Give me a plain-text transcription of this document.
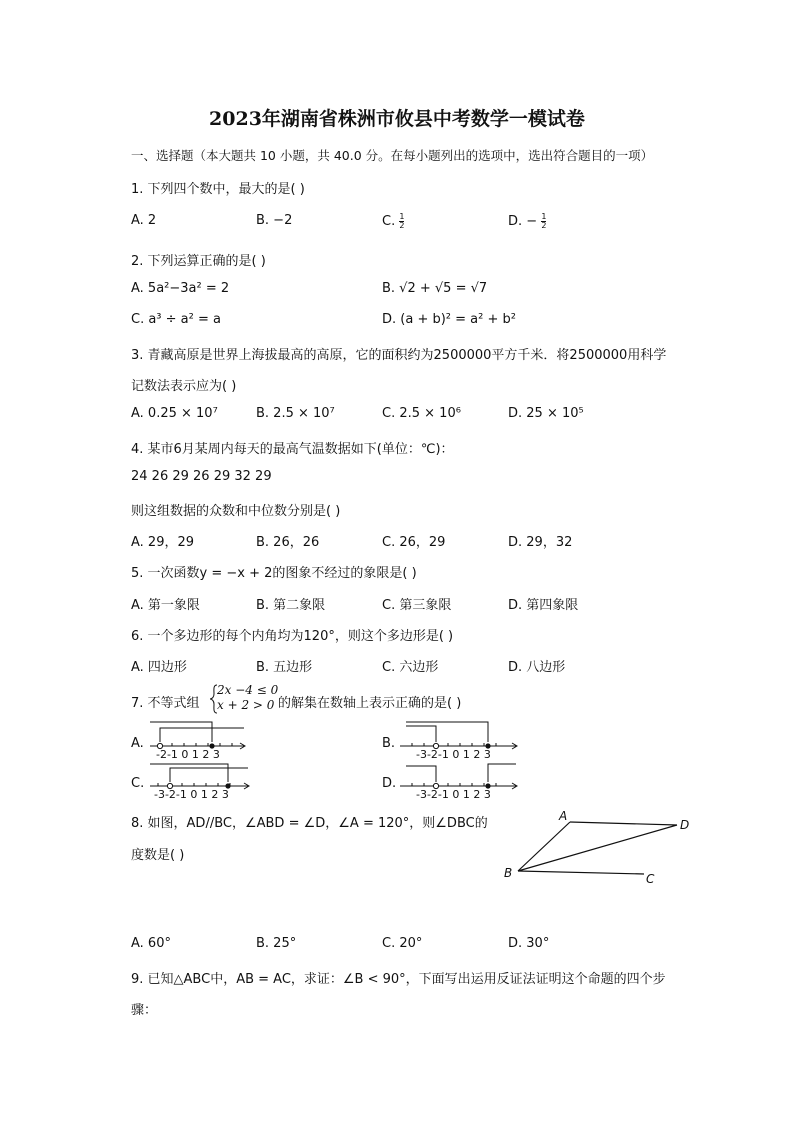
2023年湖南省株洲市攸县中考数学一模试卷
一、选择题（本大题共 10 小题，共 40.0 分。在每小题列出的选项中，选出符合题目的一项）
1. 下列四个数中，最大的是( )
A. 2	B. −2	C. $\frac{1}{2}$	D. − $\frac{1}{2}$
2. 下列运算正确的是( )
A. 5a²−3a² = 2	B. √2 + √5 = √7
C. a³ ÷ a² = a	D. (a + b)² = a² + b²
3. 青藏高原是世界上海拔最高的高原，它的面积约为2500000平方千米．将2500000用科学
记数法表示应为( )
A. 0.25 × 10⁷	B. 2.5 × 10⁷	C. 2.5 × 10⁶	D. 25 × 10⁵
4. 某市6月某周内每天的最高气温数据如下(单位：℃)：
24 26 29 26 29 32 29
则这组数据的众数和中位数分别是( )
A. 29，29	B. 26，26	C. 26，29	D. 29，32
5. 一次函数y = −x + 2的图象不经过的象限是( )
A. 第一象限	B. 第二象限	C. 第三象限	D. 第四象限
6. 一个多边形的每个内角均为120°，则这个多边形是( )
A. 四边形	B. 五边形	C. 六边形	D. 八边形
7. 不等式组
2x −4 ≤ 0
x + 2 > 0 的解集在数轴上表示正确的是( )
A.	B.
C.	D.
-2-1 0 1 2 3	-3-2-1 0 1 2 3
-3-2-1 0 1 2 3	-3-2-1 0 1 2 3
8. 如图，AD//BC，∠ABD = ∠D，∠A = 120°，则∠DBC的
度数是( )
A
D
B	C
A. 60°	B. 25°	C. 20°	D. 30°
9. 已知△ABC中，AB = AC，求证：∠B < 90°，下面写出运用反证法证明这个命题的四个步
骤：
